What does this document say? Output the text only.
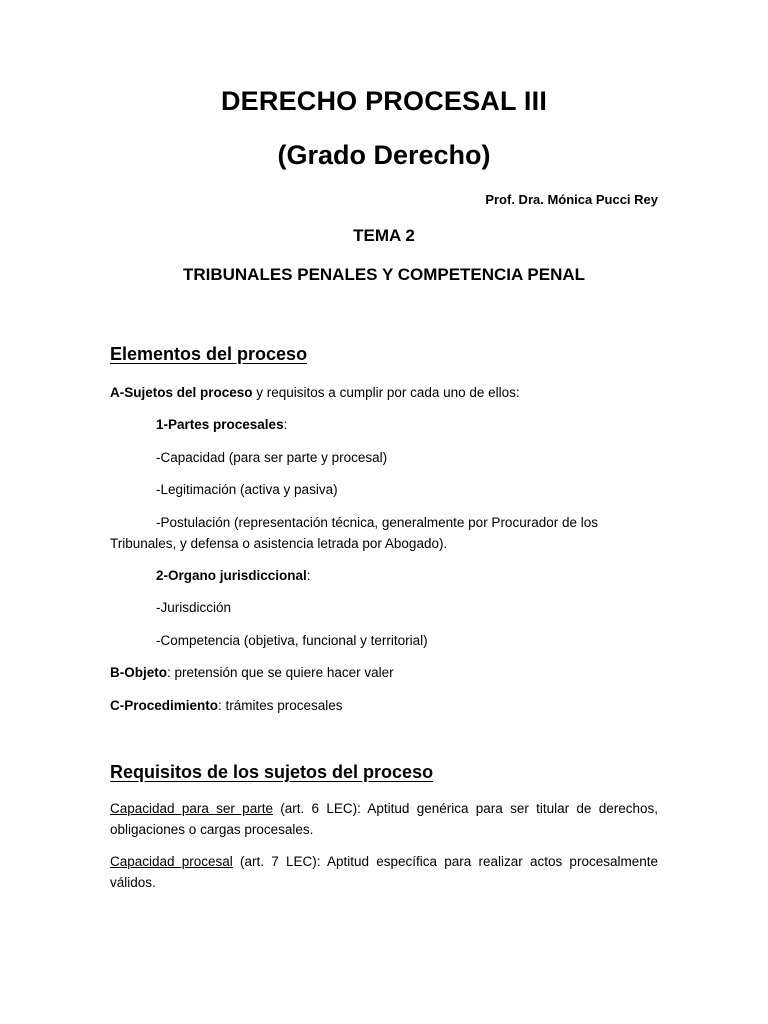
DERECHO PROCESAL III
(Grado Derecho)
Prof. Dra. Mónica Pucci Rey
TEMA 2
TRIBUNALES PENALES Y COMPETENCIA PENAL
Elementos del proceso
A-Sujetos del proceso y requisitos a cumplir por cada uno de ellos:
1-Partes procesales:
-Capacidad (para ser parte y procesal)
-Legitimación (activa y pasiva)
-Postulación (representación técnica, generalmente por Procurador de los Tribunales, y defensa o asistencia letrada por Abogado).
2-Organo jurisdiccional:
-Jurisdicción
-Competencia (objetiva, funcional y territorial)
B-Objeto: pretensión que se quiere hacer valer
C-Procedimiento: trámites procesales
Requisitos de los sujetos del proceso
Capacidad para ser parte (art. 6 LEC): Aptitud genérica para ser titular de derechos, obligaciones o cargas procesales.
Capacidad procesal (art. 7 LEC): Aptitud específica para realizar actos procesalmente válidos.
